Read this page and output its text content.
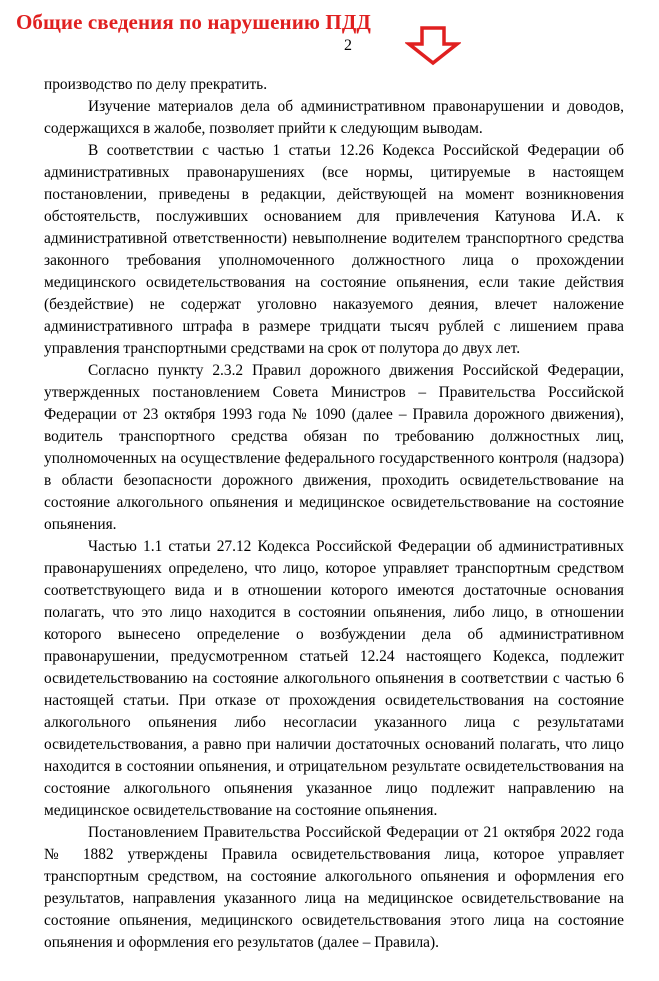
Общие сведения по нарушению ПДД
2

производство по делу прекратить.

Изучение материалов дела об административном правонарушении и доводов, содержащихся в жалобе, позволяет прийти к следующим выводам.

В соответствии с частью 1 статьи 12.26 Кодекса Российской Федерации об административных правонарушениях (все нормы, цитируемые в настоящем постановлении, приведены в редакции, действующей на момент возникновения обстоятельств, послуживших основанием для привлечения Катунова И.А. к административной ответственности) невыполнение водителем транспортного средства законного требования уполномоченного должностного лица о прохождении медицинского освидетельствования на состояние опьянения, если такие действия (бездействие) не содержат уголовно наказуемого деяния, влечет наложение административного штрафа в размере тридцати тысяч рублей с лишением права управления транспортными средствами на срок от полутора до двух лет.

Согласно пункту 2.3.2 Правил дорожного движения Российской Федерации, утвержденных постановлением Совета Министров – Правительства Российской Федерации от 23 октября 1993 года № 1090 (далее – Правила дорожного движения), водитель транспортного средства обязан по требованию должностных лиц, уполномоченных на осуществление федерального государственного контроля (надзора) в области безопасности дорожного движения, проходить освидетельствование на состояние алкогольного опьянения и медицинское освидетельствование на состояние опьянения.

Частью 1.1 статьи 27.12 Кодекса Российской Федерации об административных правонарушениях определено, что лицо, которое управляет транспортным средством соответствующего вида и в отношении которого имеются достаточные основания полагать, что это лицо находится в состоянии опьянения, либо лицо, в отношении которого вынесено определение о возбуждении дела об административном правонарушении, предусмотренном статьей 12.24 настоящего Кодекса, подлежит освидетельствованию на состояние алкогольного опьянения в соответствии с частью 6 настоящей статьи. При отказе от прохождения освидетельствования на состояние алкогольного опьянения либо несогласии указанного лица с результатами освидетельствования, а равно при наличии достаточных оснований полагать, что лицо находится в состоянии опьянения, и отрицательном результате освидетельствования на состояние алкогольного опьянения указанное лицо подлежит направлению на медицинское освидетельствование на состояние опьянения.

Постановлением Правительства Российской Федерации от 21 октября 2022 года № 1882 утверждены Правила освидетельствования лица, которое управляет транспортным средством, на состояние алкогольного опьянения и оформления его результатов, направления указанного лица на медицинское освидетельствование на состояние опьянения, медицинского освидетельствования этого лица на состояние опьянения и оформления его результатов (далее – Правила).
